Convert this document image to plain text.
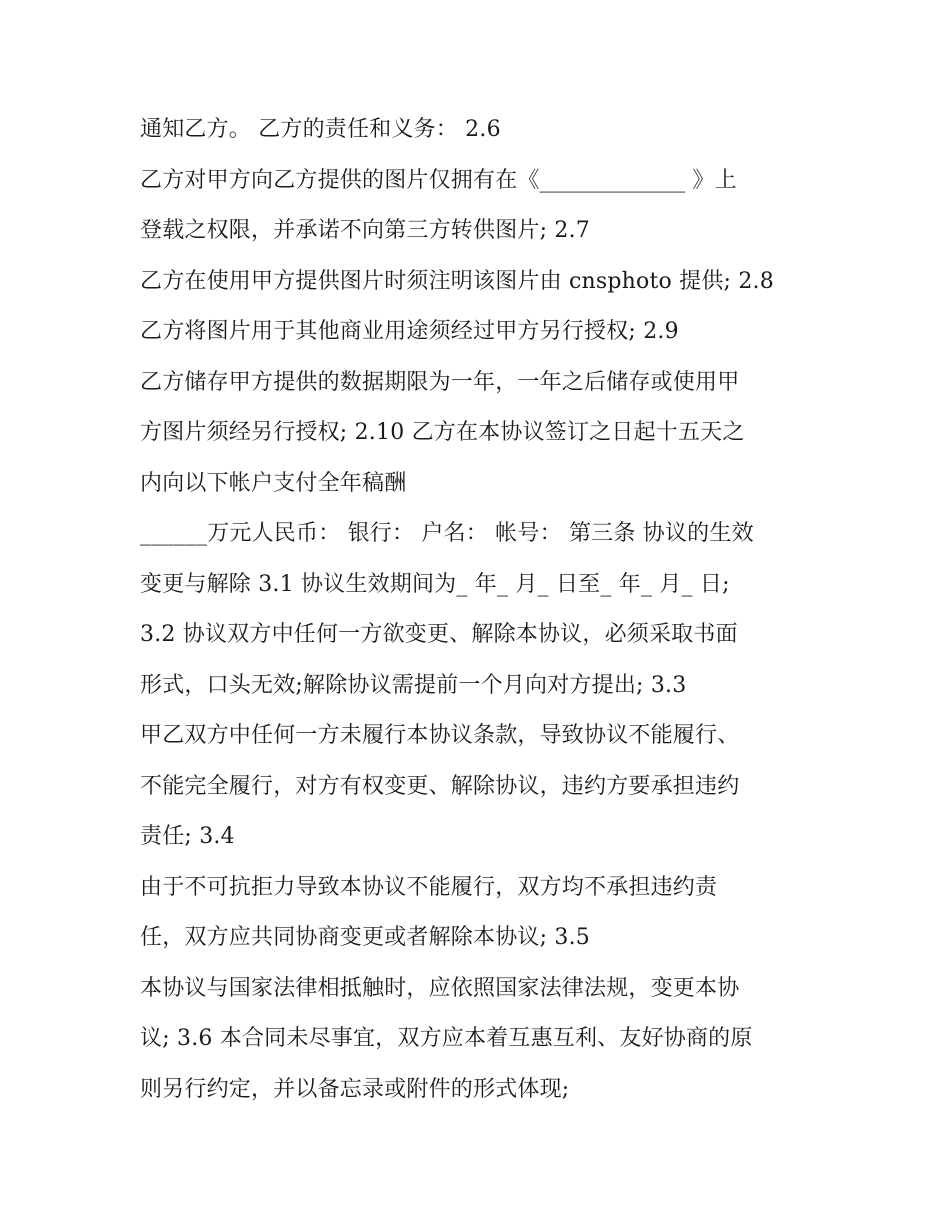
通知乙方。 乙方的责任和义务： 2.6
乙方对甲方向乙方提供的图片仅拥有在《_____________ 》上
登载之权限，并承诺不向第三方转供图片; 2.7
乙方在使用甲方提供图片时须注明该图片由 cnsphoto 提供; 2.8
乙方将图片用于其他商业用途须经过甲方另行授权; 2.9
乙方储存甲方提供的数据期限为一年，一年之后储存或使用甲
方图片须经另行授权; 2.10 乙方在本协议签订之日起十五天之
内向以下帐户支付全年稿酬
______万元人民币： 银行： 户名： 帐号： 第三条 协议的生效
变更与解除 3.1 协议生效期间为_ 年_ 月_ 日至_ 年_ 月_ 日;
3.2 协议双方中任何一方欲变更、解除本协议，必须采取书面
形式，口头无效;解除协议需提前一个月向对方提出; 3.3
甲乙双方中任何一方未履行本协议条款，导致协议不能履行、
不能完全履行，对方有权变更、解除协议，违约方要承担违约
责任; 3.4
由于不可抗拒力导致本协议不能履行，双方均不承担违约责
任，双方应共同协商变更或者解除本协议; 3.5
本协议与国家法律相抵触时，应依照国家法律法规，变更本协
议; 3.6 本合同未尽事宜，双方应本着互惠互利、友好协商的原
则另行约定，并以备忘录或附件的形式体现;
